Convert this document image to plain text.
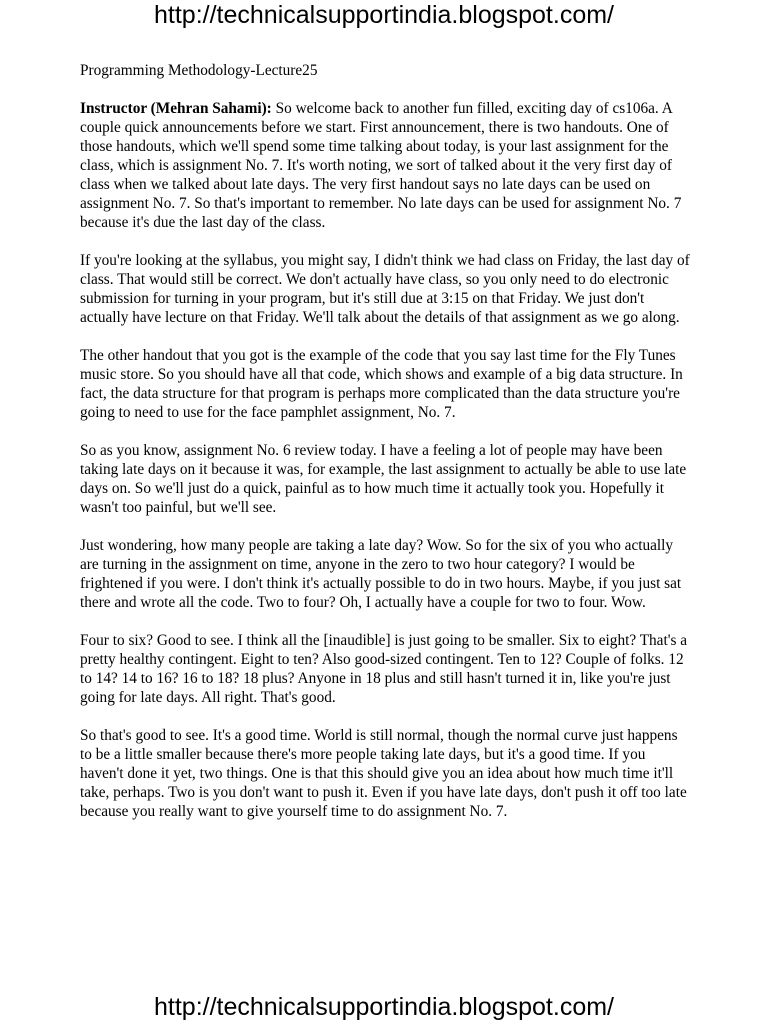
http://technicalsupportindia.blogspot.com/
Programming Methodology-Lecture25

Instructor (Mehran Sahami): So welcome back to another fun filled, exciting day of cs106a. A couple quick announcements before we start. First announcement, there is two handouts. One of those handouts, which we'll spend some time talking about today, is your last assignment for the class, which is assignment No. 7. It's worth noting, we sort of talked about it the very first day of class when we talked about late days. The very first handout says no late days can be used on assignment No. 7. So that's important to remember. No late days can be used for assignment No. 7 because it's due the last day of the class.

If you're looking at the syllabus, you might say, I didn't think we had class on Friday, the last day of class. That would still be correct. We don't actually have class, so you only need to do electronic submission for turning in your program, but it's still due at 3:15 on that Friday. We just don't actually have lecture on that Friday. We'll talk about the details of that assignment as we go along.

The other handout that you got is the example of the code that you say last time for the Fly Tunes music store. So you should have all that code, which shows and example of a big data structure. In fact, the data structure for that program is perhaps more complicated than the data structure you're going to need to use for the face pamphlet assignment, No. 7.

So as you know, assignment No. 6 review today. I have a feeling a lot of people may have been taking late days on it because it was, for example, the last assignment to actually be able to use late days on. So we'll just do a quick, painful as to how much time it actually took you. Hopefully it wasn't too painful, but we'll see.

Just wondering, how many people are taking a late day? Wow. So for the six of you who actually are turning in the assignment on time, anyone in the zero to two hour category? I would be frightened if you were. I don't think it's actually possible to do in two hours. Maybe, if you just sat there and wrote all the code. Two to four? Oh, I actually have a couple for two to four. Wow.

Four to six? Good to see. I think all the [inaudible] is just going to be smaller. Six to eight? That's a pretty healthy contingent. Eight to ten? Also good-sized contingent. Ten to 12? Couple of folks. 12 to 14? 14 to 16? 16 to 18? 18 plus? Anyone in 18 plus and still hasn't turned it in, like you're just going for late days. All right. That's good.

So that's good to see. It's a good time. World is still normal, though the normal curve just happens to be a little smaller because there's more people taking late days, but it's a good time. If you haven't done it yet, two things. One is that this should give you an idea about how much time it'll take, perhaps. Two is you don't want to push it. Even if you have late days, don't push it off too late because you really want to give yourself time to do assignment No. 7.

http://technicalsupportindia.blogspot.com/
